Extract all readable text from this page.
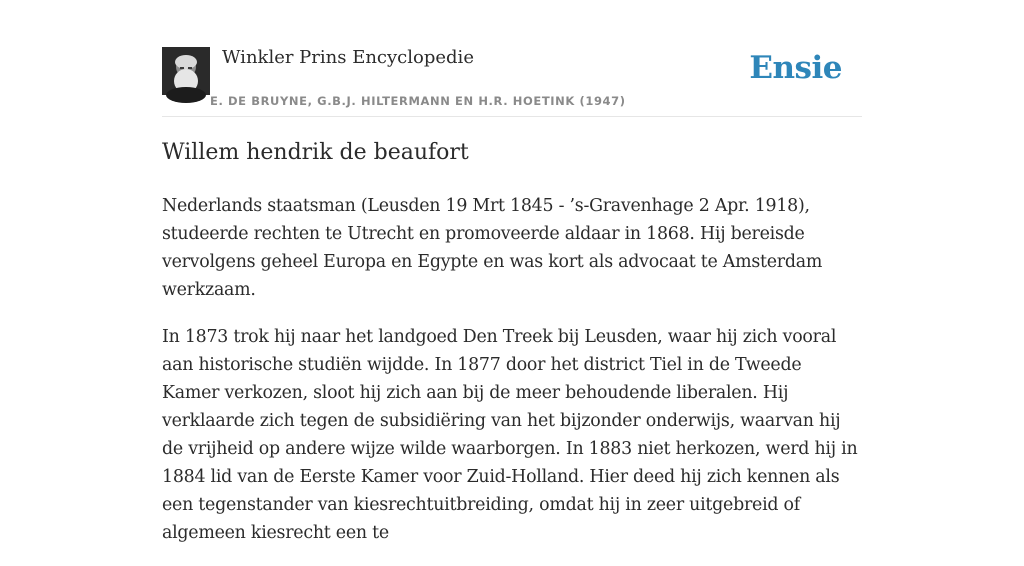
Winkler Prins Encyclopedie
E. DE BRUYNE, G.B.J. HILTERMANN EN H.R. HOETINK (1947)
Ensie
Willem hendrik de beaufort

Nederlands staatsman (Leusden 19 Mrt 1845 - ’s-Gravenhage 2 Apr. 1918), studeerde rechten te Utrecht en promoveerde aldaar in 1868. Hij bereisde vervolgens geheel Europa en Egypte en was kort als advocaat te Amsterdam werkzaam.

In 1873 trok hij naar het landgoed Den Treek bij Leusden, waar hij zich vooral aan historische studiën wijdde. In 1877 door het district Tiel in de Tweede Kamer verkozen, sloot hij zich aan bij de meer behoudende liberalen. Hij verklaarde zich tegen de subsidiëring van het bijzonder onderwijs, waarvan hij de vrijheid op andere wijze wilde waarborgen. In 1883 niet herkozen, werd hij in 1884 lid van de Eerste Kamer voor Zuid-Holland. Hier deed hij zich kennen als een tegenstander van kiesrechtuitbreiding, omdat hij in zeer uitgebreid of algemeen kiesrecht een te
